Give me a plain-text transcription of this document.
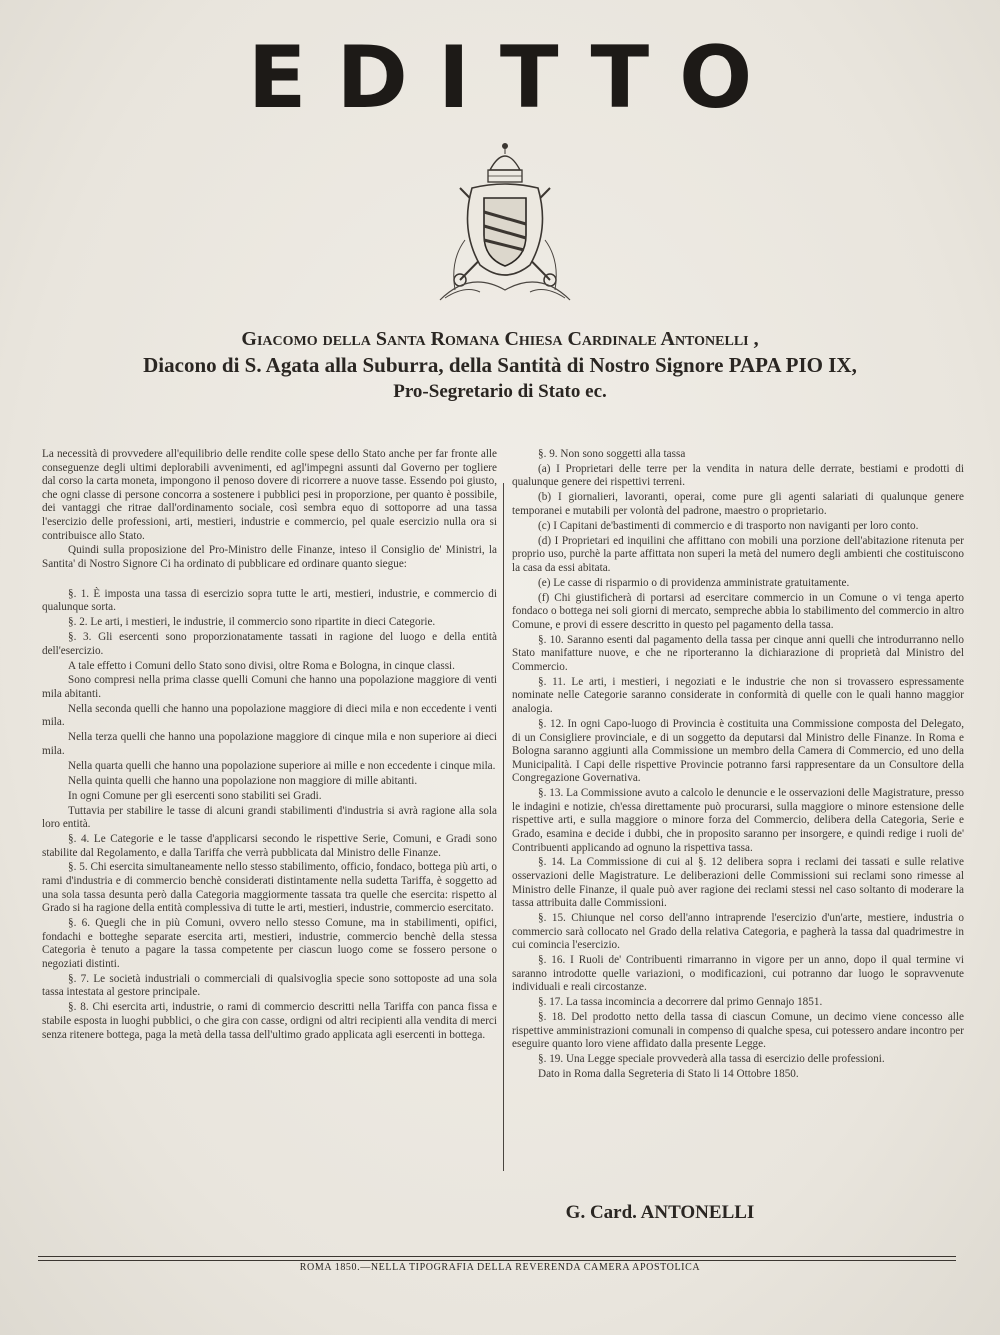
EDITTO
Giacomo della Santa Romana Chiesa Cardinale Antonelli ,
Diacono di S. Agata alla Suburra, della Santità di Nostro Signore PAPA PIO IX,
Pro-Segretario di Stato ec.

La necessità di provvedere all'equilibrio delle rendite colle spese dello Stato anche per far fronte alle conseguenze degli ultimi deplorabili avvenimenti, ed agl'impegni assunti dal Governo per togliere dal corso la carta moneta, impongono il penoso dovere di ricorrere a nuove tasse. Essendo poi giusto, che ogni classe di persone concorra a sostenere i pubblici pesi in proporzione, per quanto è possibile, dei vantaggi che ritrae dall'ordinamento sociale, così sembra equo di sottoporre ad una tassa l'esercizio delle professioni, arti, mestieri, industrie e commercio, pel quale esercizio nulla ora si contribuisce allo Stato.

Quindi sulla proposizione del Pro-Ministro delle Finanze, inteso il Consiglio de' Ministri, la Santita' di Nostro Signore Ci ha ordinato di pubblicare ed ordinare quanto siegue:

§. 1. È imposta una tassa di esercizio sopra tutte le arti, mestieri, industrie, e commercio di qualunque sorta.

§. 2. Le arti, i mestieri, le industrie, il commercio sono ripartite in dieci Categorie.

§. 3. Gli esercenti sono proporzionatamente tassati in ragione del luogo e della entità dell'esercizio.

A tale effetto i Comuni dello Stato sono divisi, oltre Roma e Bologna, in cinque classi.

Sono compresi nella prima classe quelli Comuni che hanno una popolazione maggiore di venti mila abitanti.

Nella seconda quelli che hanno una popolazione maggiore di dieci mila e non eccedente i venti mila.

Nella terza quelli che hanno una popolazione maggiore di cinque mila e non superiore ai dieci mila.

Nella quarta quelli che hanno una popolazione superiore ai mille e non eccedente i cinque mila.

Nella quinta quelli che hanno una popolazione non maggiore di mille abitanti.

In ogni Comune per gli esercenti sono stabiliti sei Gradi.

Tuttavia per stabilire le tasse di alcuni grandi stabilimenti d'industria si avrà ragione alla sola loro entità.

§. 4. Le Categorie e le tasse d'applicarsi secondo le rispettive Serie, Comuni, e Gradi sono stabilite dal Regolamento, e dalla Tariffa che verrà pubblicata dal Ministro delle Finanze.

§. 5. Chi esercita simultaneamente nello stesso stabilimento, officio, fondaco, bottega più arti, o rami d'industria e di commercio benchè considerati distintamente nella sudetta Tariffa, è soggetto ad una sola tassa desunta però dalla Categoria maggiormente tassata tra quelle che esercita: rispetto al Grado si ha ragione della entità complessiva di tutte le arti, mestieri, industrie, commercio esercitato.

§. 6. Quegli che in più Comuni, ovvero nello stesso Comune, ma in stabilimenti, opifici, fondachi e botteghe separate esercita arti, mestieri, industrie, commercio benchè della stessa Categoria è tenuto a pagare la tassa competente per ciascun luogo come se fossero persone o negoziati distinti.

§. 7. Le società industriali o commerciali di qualsivoglia specie sono sottoposte ad una sola tassa intestata al gestore principale.

§. 8. Chi esercita arti, industrie, o rami di commercio descritti nella Tariffa con panca fissa e stabile esposta in luoghi pubblici, o che gira con casse, ordigni od altri recipienti alla vendita di merci senza ritenere bottega, paga la metà della tassa dell'ultimo grado applicata agli esercenti in bottega.

§. 9. Non sono soggetti alla tassa

(a) I Proprietari delle terre per la vendita in natura delle derrate, bestiami e prodotti di qualunque genere dei rispettivi terreni.

(b) I giornalieri, lavoranti, operai, come pure gli agenti salariati di qualunque genere temporanei e mutabili per volontà del padrone, maestro o proprietario.

(c) I Capitani de'bastimenti di commercio e di trasporto non naviganti per loro conto.

(d) I Proprietari ed inquilini che affittano con mobili una porzione dell'abitazione ritenuta per proprio uso, purchè la parte affittata non superi la metà del numero degli ambienti che costituiscono la casa da essi abitata.

(e) Le casse di risparmio o di providenza amministrate gratuitamente.

(f) Chi giustificherà di portarsi ad esercitare commercio in un Comune o vi tenga aperto fondaco o bottega nei soli giorni di mercato, sempreche abbia lo stabilimento del commercio in altro Comune, e provi di essere descritto in questo pel pagamento della tassa.

§. 10. Saranno esenti dal pagamento della tassa per cinque anni quelli che introdurranno nello Stato manifatture nuove, e che ne riporteranno la dichiarazione di proprietà dal Ministro del Commercio.

§. 11. Le arti, i mestieri, i negoziati e le industrie che non si trovassero espressamente nominate nelle Categorie saranno considerate in conformità di quelle con le quali hanno maggior analogia.

§. 12. In ogni Capo-luogo di Provincia è costituita una Commissione composta del Delegato, di un Consigliere provinciale, e di un soggetto da deputarsi dal Ministro delle Finanze. In Roma e Bologna saranno aggiunti alla Commissione un membro della Camera di Commercio, ed uno della Municipalità. I Capi delle rispettive Provincie potranno farsi rappresentare da un Consultore della Congregazione Governativa.

§. 13. La Commissione avuto a calcolo le denuncie e le osservazioni delle Magistrature, presso le indagini e notizie, ch'essa direttamente può procurarsi, sulla maggiore o minore estensione delle rispettive arti, e sulla maggiore o minore forza del Commercio, delibera della Categoria, Serie e Grado, esamina e decide i dubbi, che in proposito saranno per insorgere, e quindi redige i ruoli de' Contribuenti applicando ad ognuno la rispettiva tassa.

§. 14. La Commissione di cui al §. 12 delibera sopra i reclami dei tassati e sulle relative osservazioni delle Magistrature. Le deliberazioni delle Commissioni sui reclami sono rimesse al Ministro delle Finanze, il quale può aver ragione dei reclami stessi nel caso soltanto di moderare la tassa attribuita dalle Commissioni.

§. 15. Chiunque nel corso dell'anno intraprende l'esercizio d'un'arte, mestiere, industria o commercio sarà collocato nel Grado della relativa Categoria, e pagherà la tassa dal quadrimestre in cui comincia l'esercizio.

§. 16. I Ruoli de' Contribuenti rimarranno in vigore per un anno, dopo il qual termine vi saranno introdotte quelle variazioni, o modificazioni, cui potranno dar luogo le sopravvenute individuali e reali circostanze.

§. 17. La tassa incomincia a decorrere dal primo Gennajo 1851.

§. 18. Del prodotto netto della tassa di ciascun Comune, un decimo viene concesso alle rispettive amministrazioni comunali in compenso di qualche spesa, cui potessero andare incontro per eseguire quanto loro viene affidato dalla presente Legge.

§. 19. Una Legge speciale provvederà alla tassa di esercizio delle professioni.

Dato in Roma dalla Segreteria di Stato li 14 Ottobre 1850.

G. Card. ANTONELLI
ROMA 1850.—NELLA TIPOGRAFIA DELLA REVERENDA CAMERA APOSTOLICA
